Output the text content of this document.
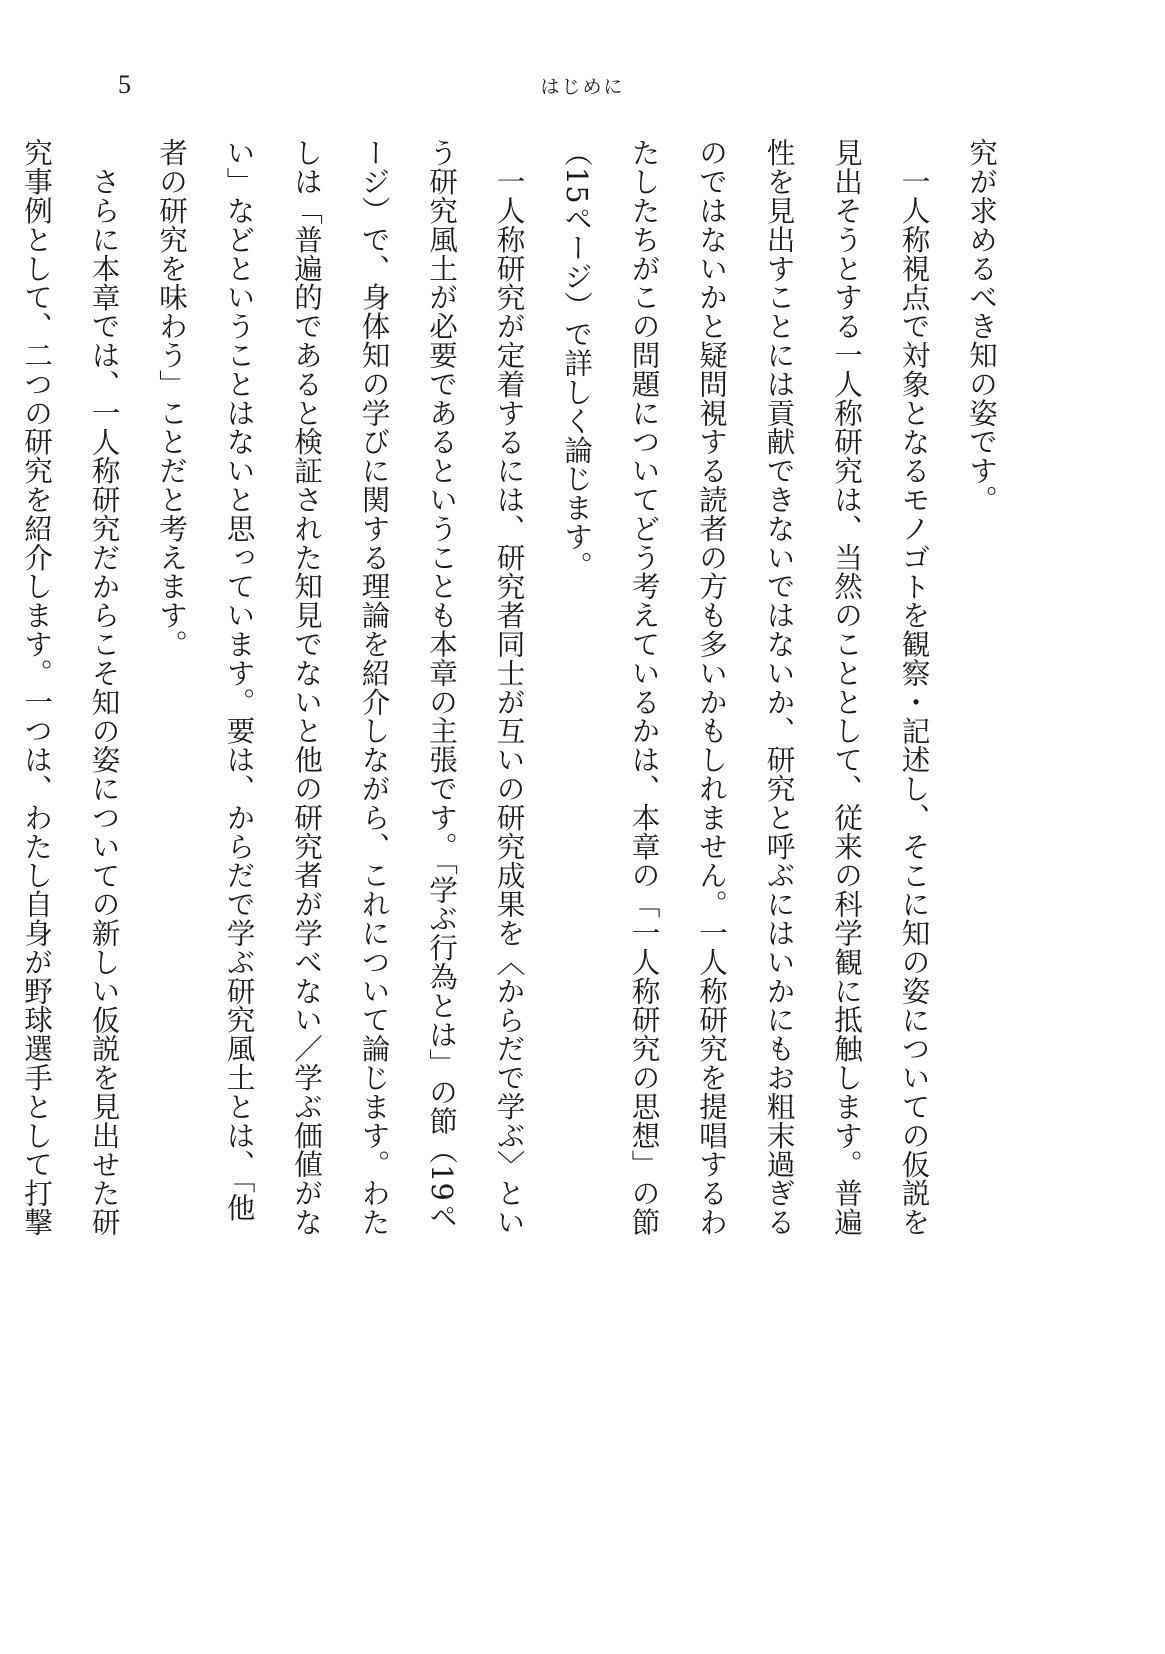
5	はじめに

究が求めるべき知の姿です。

一人称視点で対象となるモノゴトを観察・記述し、そこに知の姿についての仮説を見出そうとする一人称研究は、当然のこととして、従来の科学観に抵触します。普遍性を見出すことには貢献できないではないか、研究と呼ぶにはいかにもお粗末過ぎるのではないかと疑問視する読者の方も多いかもしれません。一人称研究を提唱するわたしたちがこの問題についてどう考えているかは、本章の「一人称研究の思想」の節（15ページ）で詳しく論じます。

一人称研究が定着するには、研究者同士が互いの研究成果を〈からだで学ぶ〉という研究風土が必要であるということも本章の主張です。「学ぶ行為とは」の節（19ページ）で、身体知の学びに関する理論を紹介しながら、これについて論じます。わたしは「普遍的であると検証された知見でないと他の研究者が学べない／学ぶ価値がない」などということはないと思っています。要は、からだで学ぶ研究風土とは、「他者の研究を味わう」ことだと考えます。

さらに本章では、一人称研究だからこそ知の姿についての新しい仮説を見出せた研究事例として、二つの研究を紹介します。一つは、わたし自身が野球選手として打撃
